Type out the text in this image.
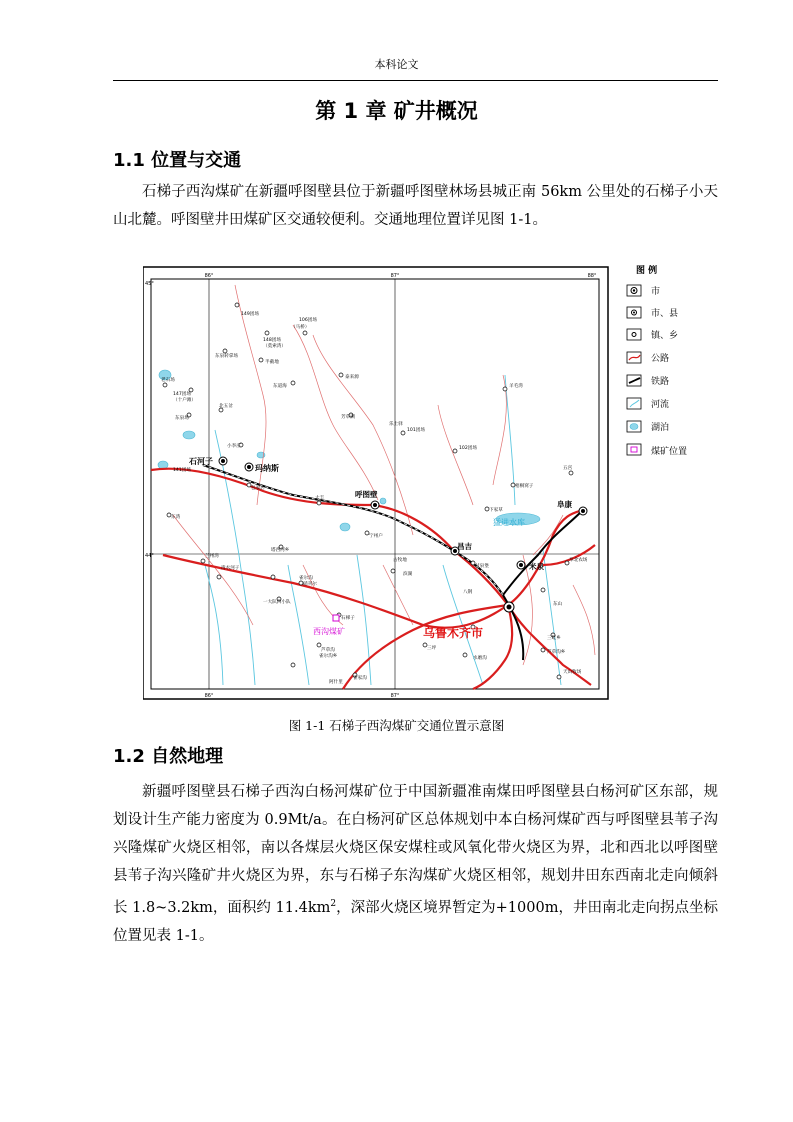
本科论文
第 1 章 矿井概况
1.1 位置与交通

石梯子西沟煤矿在新疆呼图壁县位于新疆呼图壁林场县城正南 56km 公里处的石梯子小天山北麓。呼图壁井田煤矿区交通较便利。交通地理位置详见图 1-1。

86°	87°	88°
45°
44°
86°	87°
猛进水库
乌鲁木齐市
昌吉
呼图壁
玛纳斯
石河子
阜康
米泉
西沟煤矿
149团场
106团场
（马桥）
148团场
（莫索湾）
东泉转拿场
半截地
东道海
147团场
（十户滩）
东泉场
141团场
老石场
泰来源
芳草湖
北五岔
小李庄
乐土驿
包家店
大丰
宁州户
东湾
兰州湾
塔西河乡
清水河子
硝刊尔
雀尔沟
一大队四小队
石梯子
芦草沟
雀尔沟乡
阿什里
雀家沟
101团场
102团场
羊毛湾
滨湖
古牧地
东山
八钢
三坪
梧桐窝子
下家草
五宫
甘泉堡
阜北农场
三畦乡
芦草沟乡
天山牧场
水磨沟
图 例
市
市、县
镇、乡
公路
铁路
河流
湖泊
煤矿位置
图 1-1 石梯子西沟煤矿交通位置示意图
1.2 自然地理

新疆呼图壁县石梯子西沟白杨河煤矿位于中国新疆准南煤田呼图壁县白杨河矿区东部，规划设计生产能力密度为 0.9Mt/a。在白杨河矿区总体规划中本白杨河煤矿西与呼图壁县苇子沟兴隆煤矿火烧区相邻，南以各煤层火烧区保安煤柱或风氧化带火烧区为界，北和西北以呼图壁县苇子沟兴隆矿井火烧区为界，东与石梯子东沟煤矿火烧区相邻，规划井田东西南北走向倾斜长 1.8~3.2km，面积约 $11.4km^2$，深部火烧区境界暂定为+1000m，井田南北走向拐点坐标位置见表 1-1。
